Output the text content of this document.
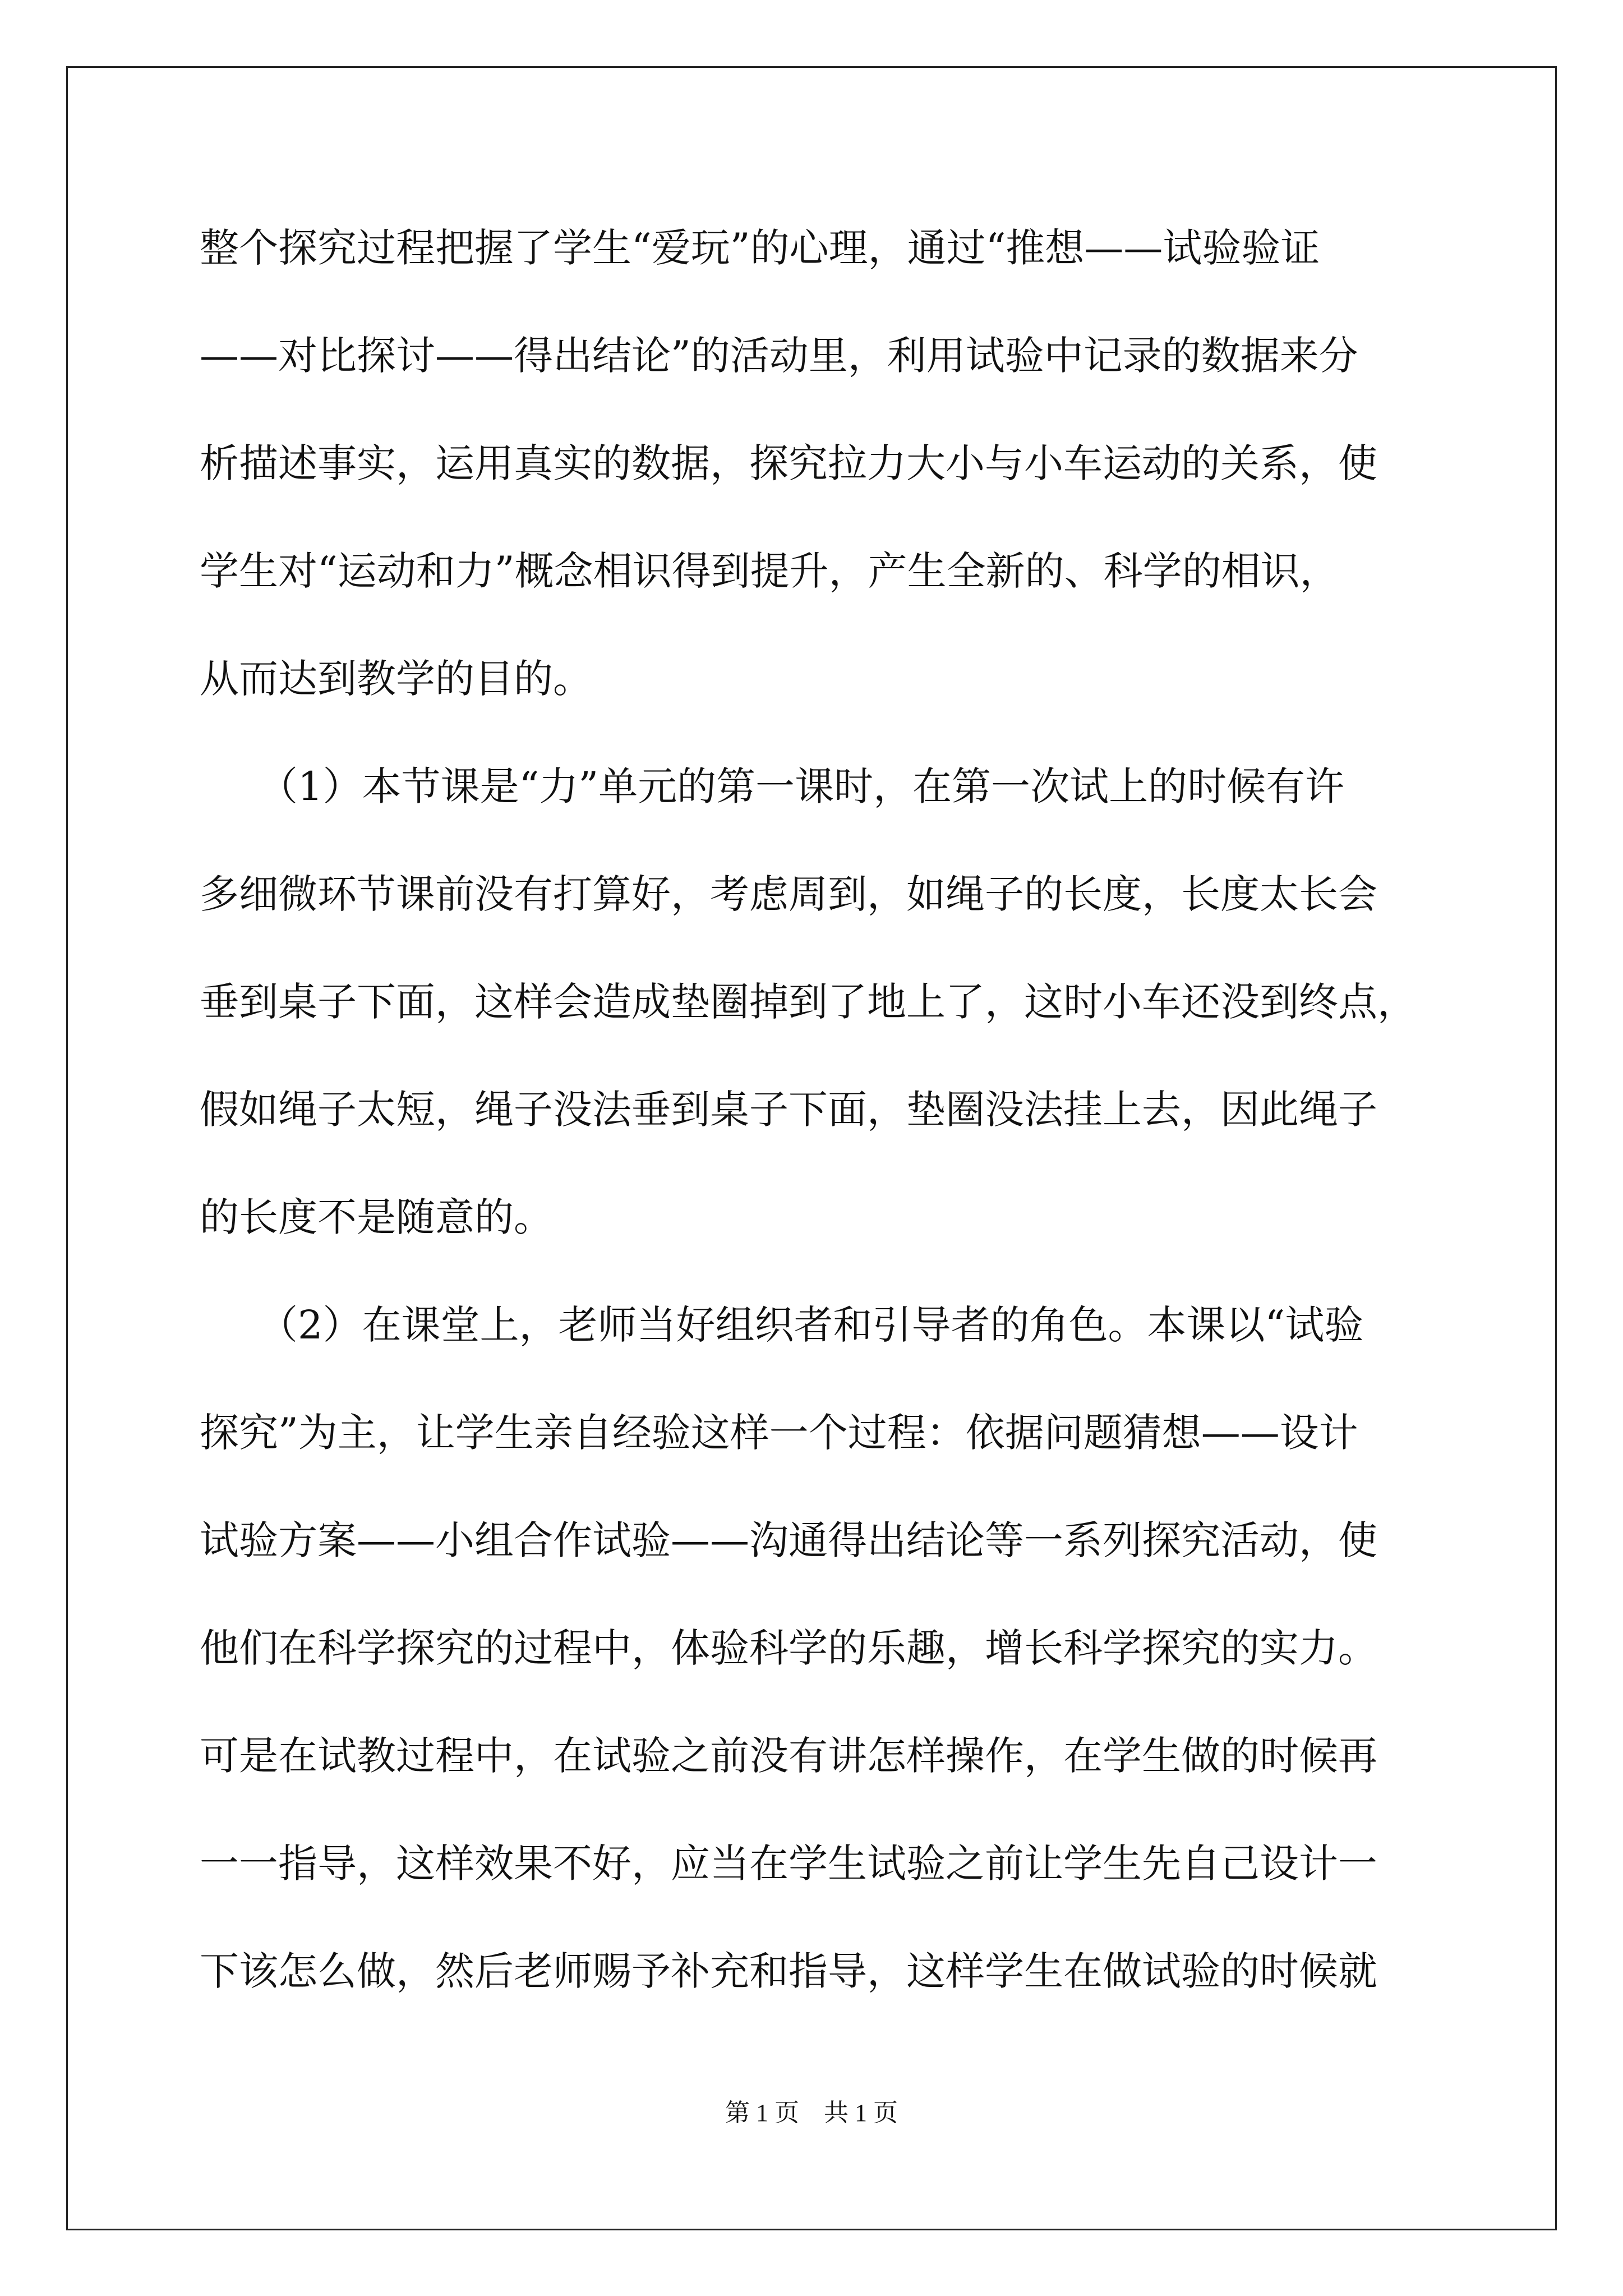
整个探究过程把握了学生“爱玩”的心理，通过“推想——试验验证
——对比探讨——得出结论”的活动里，利用试验中记录的数据来分
析描述事实，运用真实的数据，探究拉力大小与小车运动的关系，使
学生对“运动和力”概念相识得到提升，产生全新的、科学的相识，
从而达到教学的目的。
　　（1）本节课是“力”单元的第一课时，在第一次试上的时候有许
多细微环节课前没有打算好，考虑周到，如绳子的长度，长度太长会
垂到桌子下面，这样会造成垫圈掉到了地上了，这时小车还没到终点，
假如绳子太短，绳子没法垂到桌子下面，垫圈没法挂上去，因此绳子
的长度不是随意的。
　　（2）在课堂上，老师当好组织者和引导者的角色。本课以“试验
探究”为主，让学生亲自经验这样一个过程：依据问题猜想——设计
试验方案——小组合作试验——沟通得出结论等一系列探究活动，使
他们在科学探究的过程中，体验科学的乐趣，增长科学探究的实力。
可是在试教过程中，在试验之前没有讲怎样操作，在学生做的时候再
一一指导，这样效果不好，应当在学生试验之前让学生先自己设计一
下该怎么做，然后老师赐予补充和指导，这样学生在做试验的时候就
第 1 页　共 1 页
